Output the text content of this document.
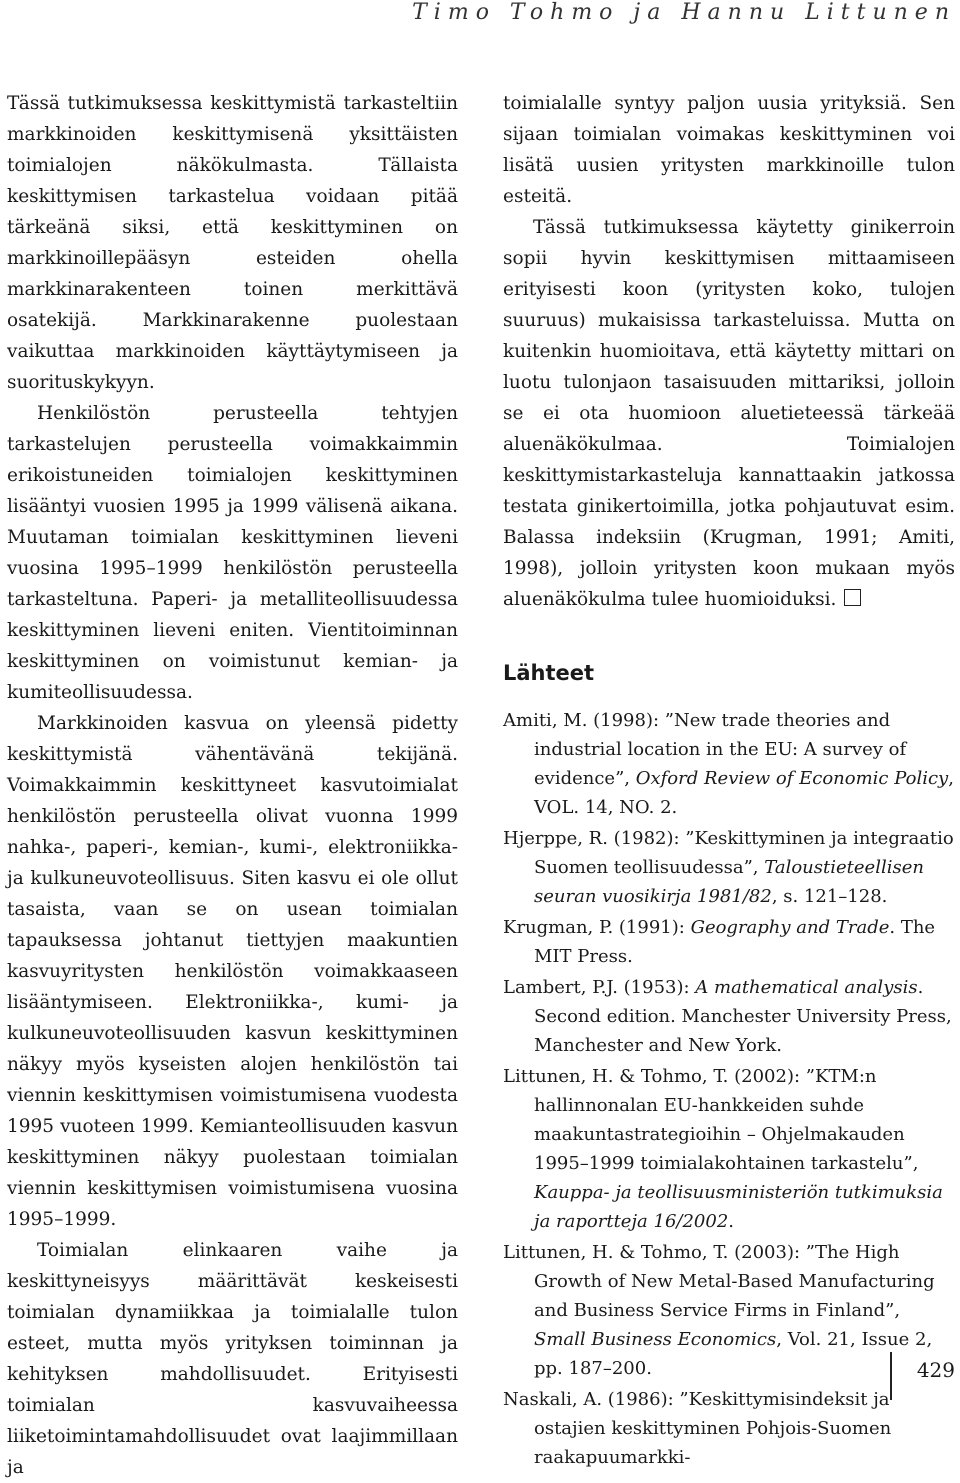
Timo Tohmo ja Hannu Littunen

Tässä tutkimuksessa keskittymistä tarkasteltiin markkinoiden keskittymisenä yksittäisten toimialojen näkökulmasta. Tällaista keskittymisen tarkastelua voidaan pitää tärkeänä siksi, että keskittyminen on markkinoillepääsyn esteiden ohella markkinarakenteen toinen merkittävä osatekijä. Markkinarakenne puolestaan vaikuttaa markkinoiden käyttäytymiseen ja suorituskykyyn.

Henkilöstön perusteella tehtyjen tarkastelujen perusteella voimakkaimmin erikoistuneiden toimialojen keskittyminen lisääntyi vuosien 1995 ja 1999 välisenä aikana. Muutaman toimialan keskittyminen lieveni vuosina 1995–1999 henkilöstön perusteella tarkasteltuna. Paperi- ja metalliteollisuudessa keskittyminen lieveni eniten. Vientitoiminnan keskittyminen on voimistunut kemian- ja kumiteollisuudessa.

Markkinoiden kasvua on yleensä pidetty keskittymistä vähentävänä tekijänä. Voimakkaimmin keskittyneet kasvutoimialat henkilöstön perusteella olivat vuonna 1999 nahka-, paperi-, kemian-, kumi-, elektroniikka- ja kulkuneuvoteollisuus. Siten kasvu ei ole ollut tasaista, vaan se on usean toimialan tapauksessa johtanut tiettyjen maakuntien kasvuyritysten henkilöstön voimakkaaseen lisääntymiseen. Elektroniikka-, kumi- ja kulkuneuvoteollisuuden kasvun keskittyminen näkyy myös kyseisten alojen henkilöstön tai viennin keskittymisen voimistumisena vuodesta 1995 vuoteen 1999. Kemianteollisuuden kasvun keskittyminen näkyy puolestaan toimialan viennin keskittymisen voimistumisena vuosina 1995–1999.

Toimialan elinkaaren vaihe ja keskittyneisyys määrittävät keskeisesti toimialan dynamiikkaa ja toimialalle tulon esteet, mutta myös yrityksen toiminnan ja kehityksen mahdollisuudet. Erityisesti toimialan kasvuvaiheessa liiketoimintamahdollisuudet ovat laajimmillaan ja

toimialalle syntyy paljon uusia yrityksiä. Sen sijaan toimialan voimakas keskittyminen voi lisätä uusien yritysten markkinoille tulon esteitä.

Tässä tutkimuksessa käytetty ginikerroin sopii hyvin keskittymisen mittaamiseen erityisesti koon (yritysten koko, tulojen suuruus) mukaisissa tarkasteluissa. Mutta on kuitenkin huomioitava, että käytetty mittari on luotu tulonjaon tasaisuuden mittariksi, jolloin se ei ota huomioon aluetieteessä tärkeää aluenäkökulmaa. Toimialojen keskittymistarkasteluja kannattaakin jatkossa testata ginikertoimilla, jotka pohjautuvat esim. Balassa indeksiin (Krugman, 1991; Amiti, 1998), jolloin yritysten koon mukaan myös aluenäkökulma tulee huomioiduksi.

Lähteet

Amiti, M. (1998): ”New trade theories and industrial location in the EU: A survey of evidence”, Oxford Review of Economic Policy, VOL. 14, NO. 2.

Hjerppe, R. (1982): ”Keskittyminen ja integraatio Suomen teollisuudessa”, Taloustieteellisen seuran vuosikirja 1981/82, s. 121–128.

Krugman, P. (1991): Geography and Trade. The MIT Press.

Lambert, P.J. (1953): A mathematical analysis. Second edition. Manchester University Press, Manchester and New York.

Littunen, H. & Tohmo, T. (2002): ”KTM:n hallinnonalan EU-hankkeiden suhde maakuntastrategioihin – Ohjelmakauden 1995–1999 toimialakohtainen tarkastelu”, Kauppa- ja teollisuusministeriön tutkimuksia ja raportteja 16/2002.

Littunen, H. & Tohmo, T. (2003): ”The High Growth of New Metal-Based Manufacturing and Business Service Firms in Finland”, Small Business Economics, Vol. 21, Issue 2, pp. 187–200.

Naskali, A. (1986): ”Keskittymisindeksit ja ostajien keskittyminen Pohjois-Suomen raakapuumarkki-

429
